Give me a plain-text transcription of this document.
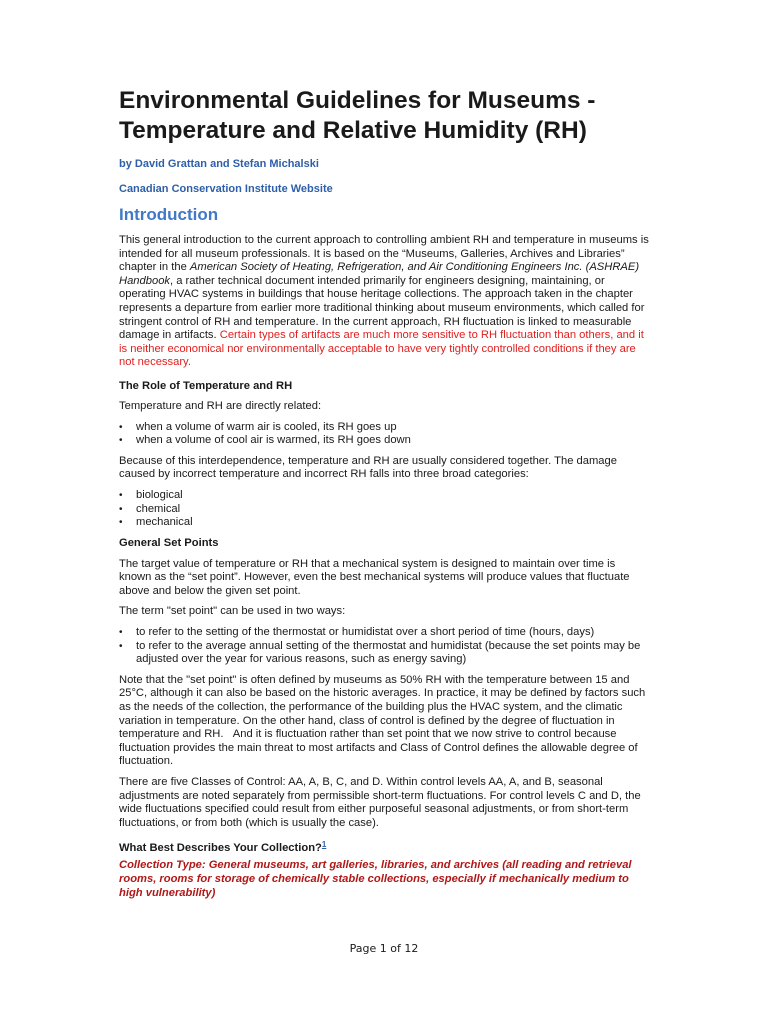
Environmental Guidelines for Museums -
Temperature and Relative Humidity (RH)

by David Grattan and Stefan Michalski

Canadian Conservation Institute Website

Introduction

This general introduction to the current approach to controlling ambient RH and temperature in museums is intended for all museum professionals. It is based on the “Museums, Galleries, Archives and Libraries” chapter in the American Society of Heating, Refrigeration, and Air Conditioning Engineers Inc. (ASHRAE) Handbook, a rather technical document intended primarily for engineers designing, maintaining, or operating HVAC systems in buildings that house heritage collections. The approach taken in the chapter represents a departure from earlier more traditional thinking about museum environments, which called for stringent control of RH and temperature. In the current approach, RH fluctuation is linked to measurable damage in artifacts. Certain types of artifacts are much more sensitive to RH fluctuation than others, and it is neither economical nor environmentally acceptable to have very tightly controlled conditions if they are not necessary.

The Role of Temperature and RH

Temperature and RH are directly related:

• when a volume of warm air is cooled, its RH goes up
• when a volume of cool air is warmed, its RH goes down

Because of this interdependence, temperature and RH are usually considered together. The damage caused by incorrect temperature and incorrect RH falls into three broad categories:

• biological
• chemical
• mechanical
General Set Points

The target value of temperature or RH that a mechanical system is designed to maintain over time is known as the “set point”. However, even the best mechanical systems will produce values that fluctuate above and below the given set point.

The term "set point" can be used in two ways:

• to refer to the setting of the thermostat or humidistat over a short period of time (hours, days)
• to refer to the average annual setting of the thermostat and humidistat (because the set points may be adjusted over the year for various reasons, such as energy saving)

Note that the "set point" is often defined by museums as 50% RH with the temperature between 15 and 25°C, although it can also be based on the historic averages. In practice, it may be defined by factors such as the needs of the collection, the performance of the building plus the HVAC system, and the climatic variation in temperature. On the other hand, class of control is defined by the degree of fluctuation in temperature and RH.   And it is fluctuation rather than set point that we now strive to control because fluctuation provides the main threat to most artifacts and Class of Control defines the allowable degree of fluctuation.

There are five Classes of Control: AA, A, B, C, and D. Within control levels AA, A, and B, seasonal adjustments are noted separately from permissible short-term fluctuations. For control levels C and D, the wide fluctuations specified could result from either purposeful seasonal adjustments, or from short-term fluctuations, or from both (which is usually the case).

What Best Describes Your Collection?$^1$

Collection Type: General museums, art galleries, libraries, and archives (all reading and retrieval rooms, rooms for storage of chemically stable collections, especially if mechanically medium to high vulnerability)

Page 1 of 12
